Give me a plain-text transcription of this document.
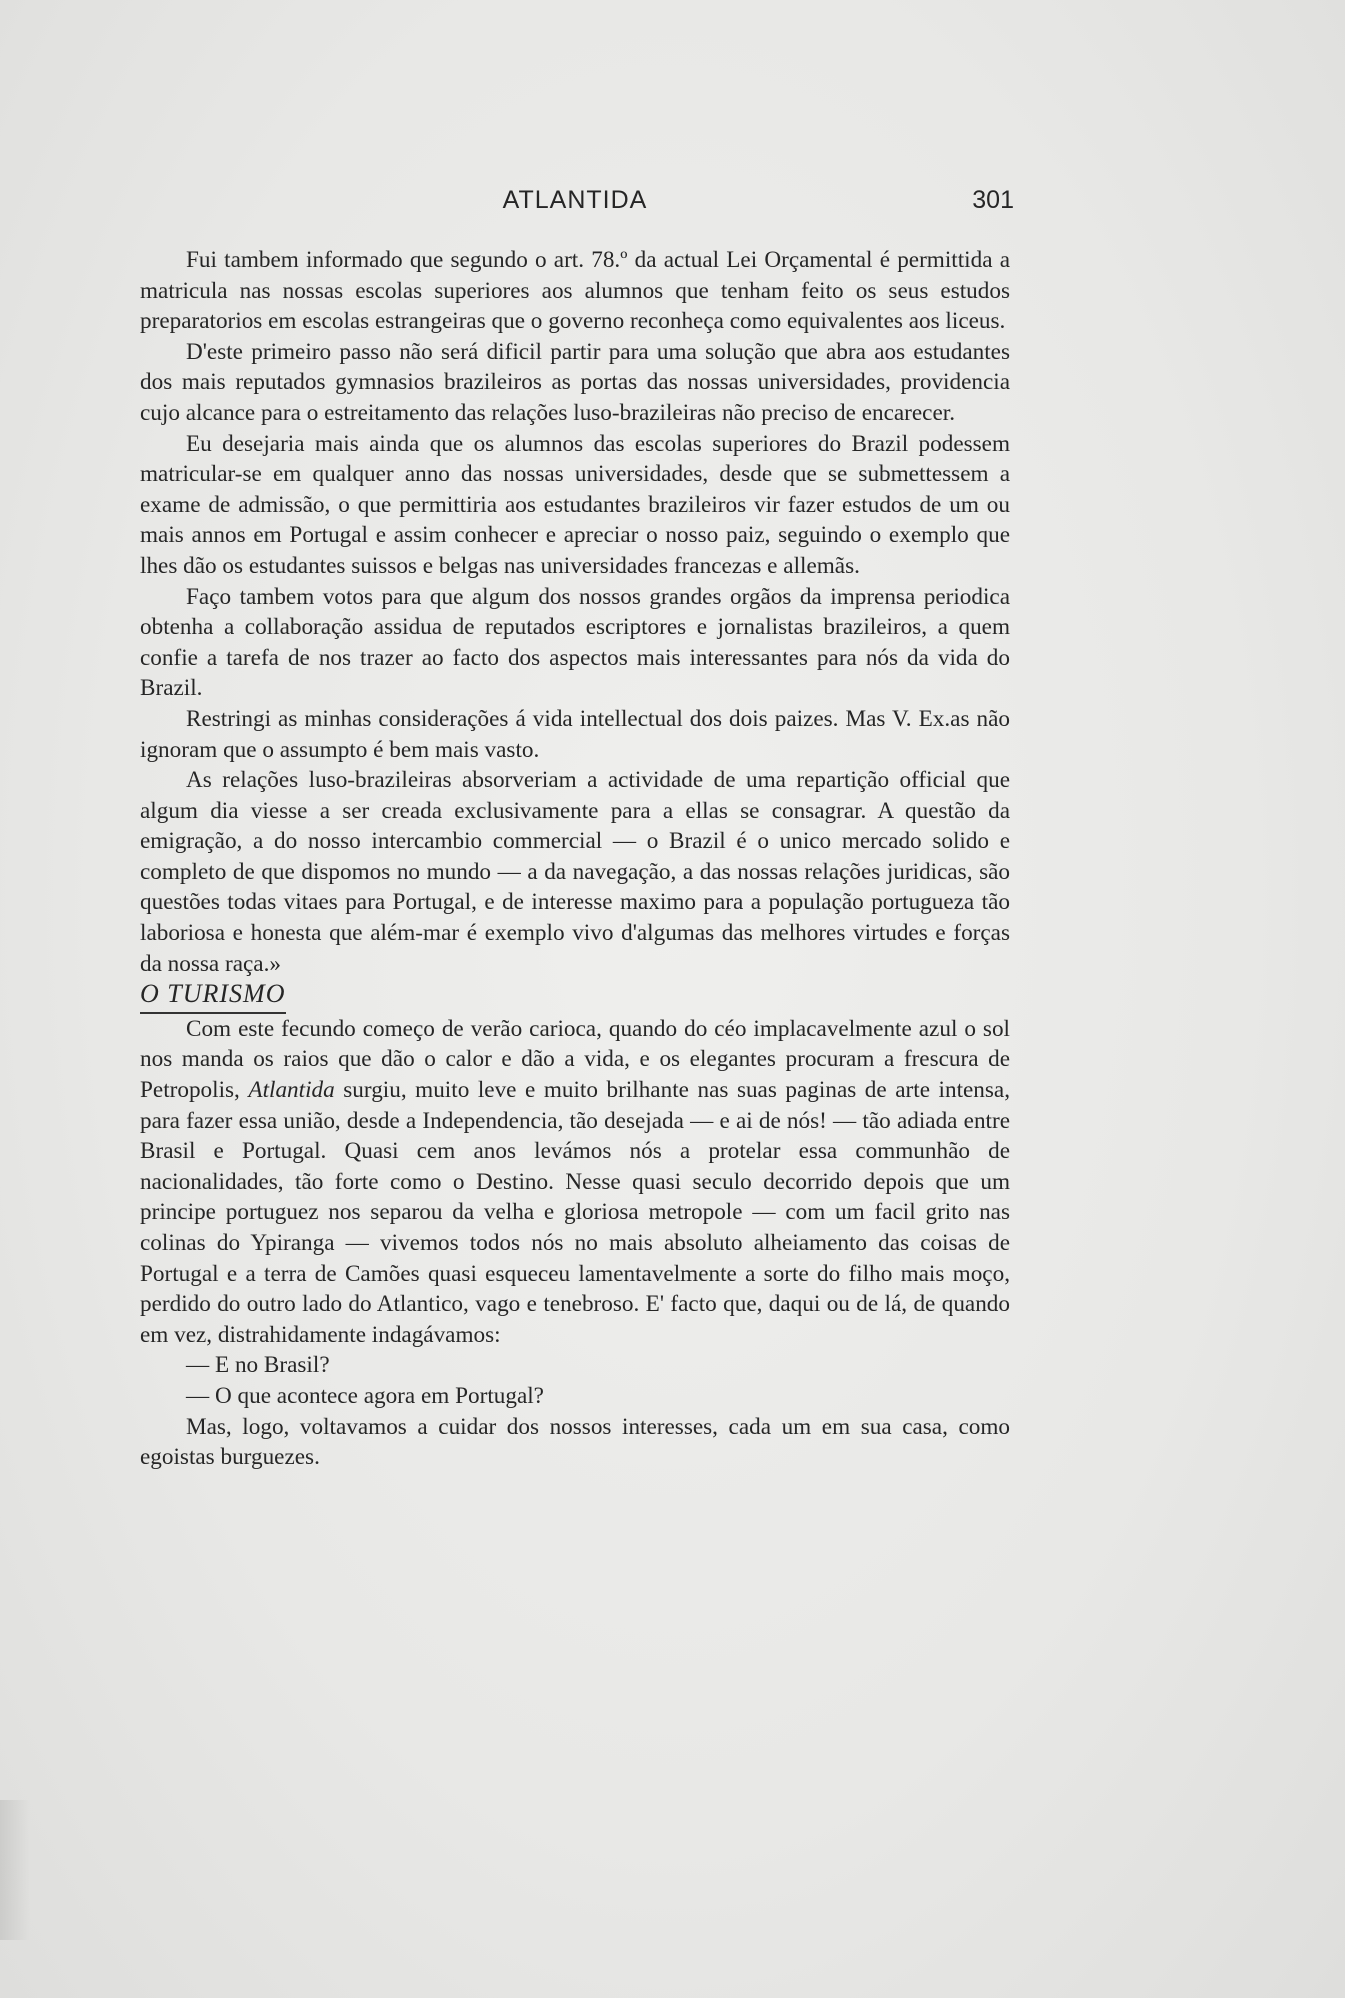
ATLANTIDA	301

Fui tambem informado que segundo o art. 78.º da actual Lei Orçamental é permittida a matricula nas nossas escolas superiores aos alumnos que tenham feito os seus estudos preparatorios em escolas estrangeiras que o governo reconheça como equivalentes aos liceus.

D'este primeiro passo não será dificil partir para uma solução que abra aos estudantes dos mais reputados gymnasios brazileiros as portas das nossas universidades, providencia cujo alcance para o estreitamento das relações luso-brazileiras não preciso de encarecer.

Eu desejaria mais ainda que os alumnos das escolas superiores do Brazil podessem matricular-se em qualquer anno das nossas universidades, desde que se submettessem a exame de admissão, o que permittiria aos estudantes brazileiros vir fazer estudos de um ou mais annos em Portugal e assim conhecer e apreciar o nosso paiz, seguindo o exemplo que lhes dão os estudantes suissos e belgas nas universidades francezas e allemãs.

Faço tambem votos para que algum dos nossos grandes orgãos da imprensa periodica obtenha a collaboração assidua de reputados escriptores e jornalistas brazileiros, a quem confie a tarefa de nos trazer ao facto dos aspectos mais interessantes para nós da vida do Brazil.

Restringi as minhas considerações á vida intellectual dos dois paizes. Mas V. Ex.as não ignoram que o assumpto é bem mais vasto.

As relações luso-brazileiras absorveriam a actividade de uma repartição official que algum dia viesse a ser creada exclusivamente para a ellas se consagrar. A questão da emigração, a do nosso intercambio commercial — o Brazil é o unico mercado solido e completo de que dispomos no mundo — a da navegação, a das nossas relações juridicas, são questões todas vitaes para Portugal, e de interesse maximo para a população portugueza tão laboriosa e honesta que além-mar é exemplo vivo d'algumas das melhores virtudes e forças da nossa raça.»

O TURISMO

Com este fecundo começo de verão carioca, quando do céo implacavelmente azul o sol nos manda os raios que dão o calor e dão a vida, e os elegantes procuram a frescura de Petropolis, Atlantida surgiu, muito leve e muito brilhante nas suas paginas de arte intensa, para fazer essa união, desde a Independencia, tão desejada — e ai de nós! — tão adiada entre Brasil e Portugal. Quasi cem anos levámos nós a protelar essa communhão de nacionalidades, tão forte como o Destino. Nesse quasi seculo decorrido depois que um principe portuguez nos separou da velha e gloriosa metropole — com um facil grito nas colinas do Ypiranga — vivemos todos nós no mais absoluto alheiamento das coisas de Portugal e a terra de Camões quasi esqueceu lamentavelmente a sorte do filho mais moço, perdido do outro lado do Atlantico, vago e tenebroso. E' facto que, daqui ou de lá, de quando em vez, distrahidamente indagávamos:

— E no Brasil?

— O que acontece agora em Portugal?

Mas, logo, voltavamos a cuidar dos nossos interesses, cada um em sua casa, como egoistas burguezes.
